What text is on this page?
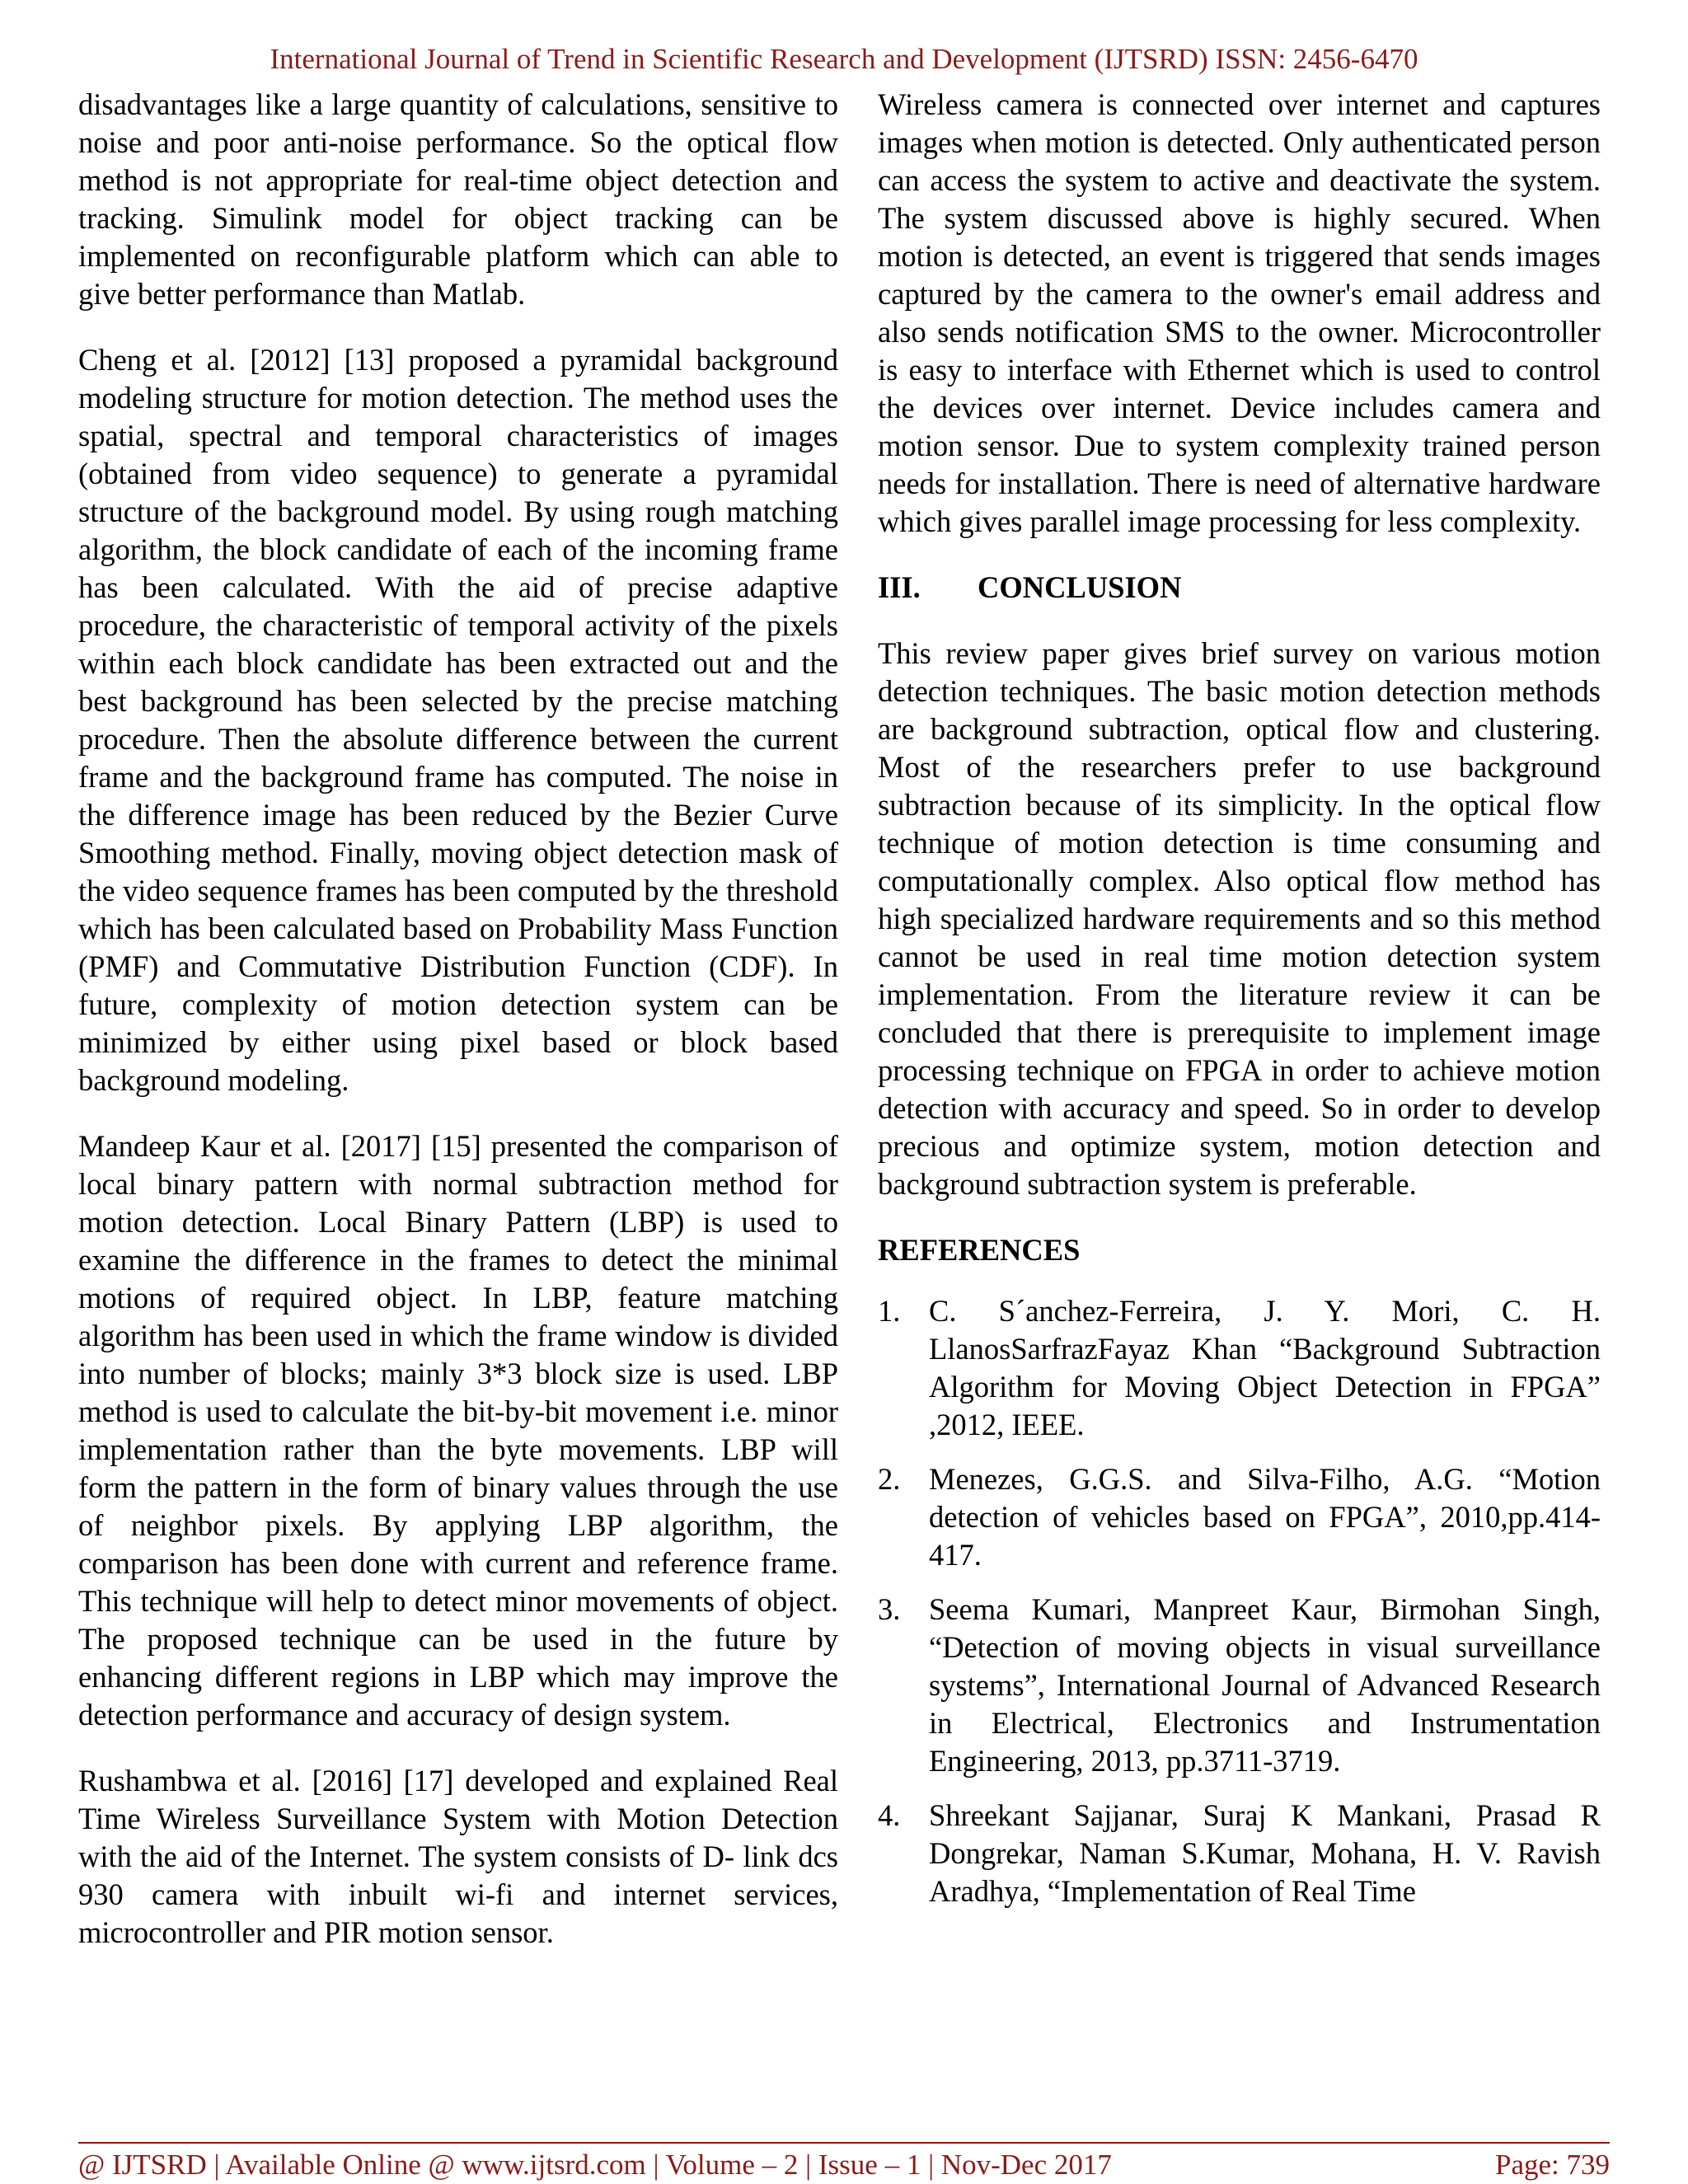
International Journal of Trend in Scientific Research and Development (IJTSRD) ISSN: 2456-6470

disadvantages like a large quantity of calculations, sensitive to noise and poor anti-noise performance. So the optical flow method is not appropriate for real-time object detection and tracking. Simulink model for object tracking can be implemented on reconfigurable platform which can able to give better performance than Matlab.

Cheng et al. [2012] [13] proposed a pyramidal background modeling structure for motion detection. The method uses the spatial, spectral and temporal characteristics of images (obtained from video sequence) to generate a pyramidal structure of the background model. By using rough matching algorithm, the block candidate of each of the incoming frame has been calculated. With the aid of precise adaptive procedure, the characteristic of temporal activity of the pixels within each block candidate has been extracted out and the best background has been selected by the precise matching procedure. Then the absolute difference between the current frame and the background frame has computed. The noise in the difference image has been reduced by the Bezier Curve Smoothing method. Finally, moving object detection mask of the video sequence frames has been computed by the threshold which has been calculated based on Probability Mass Function (PMF) and Commutative Distribution Function (CDF). In future, complexity of motion detection system can be minimized by either using pixel based or block based background modeling.

Mandeep Kaur et al. [2017] [15] presented the comparison of local binary pattern with normal subtraction method for motion detection. Local Binary Pattern (LBP) is used to examine the difference in the frames to detect the minimal motions of required object. In LBP, feature matching algorithm has been used in which the frame window is divided into number of blocks; mainly 3*3 block size is used. LBP method is used to calculate the bit-by-bit movement i.e. minor implementation rather than the byte movements. LBP will form the pattern in the form of binary values through the use of neighbor pixels. By applying LBP algorithm, the comparison has been done with current and reference frame. This technique will help to detect minor movements of object. The proposed technique can be used in the future by enhancing different regions in LBP which may improve the detection performance and accuracy of design system.

Rushambwa et al. [2016] [17] developed and explained Real Time Wireless Surveillance System with Motion Detection with the aid of the Internet. The system consists of D- link dcs 930 camera with inbuilt wi-fi and internet services, microcontroller and PIR motion sensor.

Wireless camera is connected over internet and captures images when motion is detected. Only authenticated person can access the system to active and deactivate the system. The system discussed above is highly secured. When motion is detected, an event is triggered that sends images captured by the camera to the owner's email address and also sends notification SMS to the owner. Microcontroller is easy to interface with Ethernet which is used to control the devices over internet. Device includes camera and motion sensor. Due to system complexity trained person needs for installation. There is need of alternative hardware which gives parallel image processing for less complexity.

III.	CONCLUSION

This review paper gives brief survey on various motion detection techniques. The basic motion detection methods are background subtraction, optical flow and clustering. Most of the researchers prefer to use background subtraction because of its simplicity. In the optical flow technique of motion detection is time consuming and computationally complex. Also optical flow method has high specialized hardware requirements and so this method cannot be used in real time motion detection system implementation. From the literature review it can be concluded that there is prerequisite to implement image processing technique on FPGA in order to achieve motion detection with accuracy and speed. So in order to develop precious and optimize system, motion detection and background subtraction system is preferable.

REFERENCES
1. C. S´anchez-Ferreira, J. Y. Mori, C. H. LlanosSarfrazFayaz Khan “Background Subtraction Algorithm for Moving Object Detection in FPGA” ,2012, IEEE.
2. Menezes, G.G.S. and Silva-Filho, A.G. “Motion detection of vehicles based on FPGA”, 2010,pp.414-417.
3. Seema Kumari, Manpreet Kaur, Birmohan Singh, “Detection of moving objects in visual surveillance systems”, International Journal of Advanced Research in Electrical, Electronics and Instrumentation Engineering, 2013, pp.3711-3719.
4. Shreekant Sajjanar, Suraj K Mankani, Prasad R Dongrekar, Naman S.Kumar, Mohana, H. V. Ravish Aradhya, “Implementation of Real Time
@ IJTSRD | Available Online @ www.ijtsrd.com | Volume – 2 | Issue – 1 | Nov-Dec 2017	Page: 739
